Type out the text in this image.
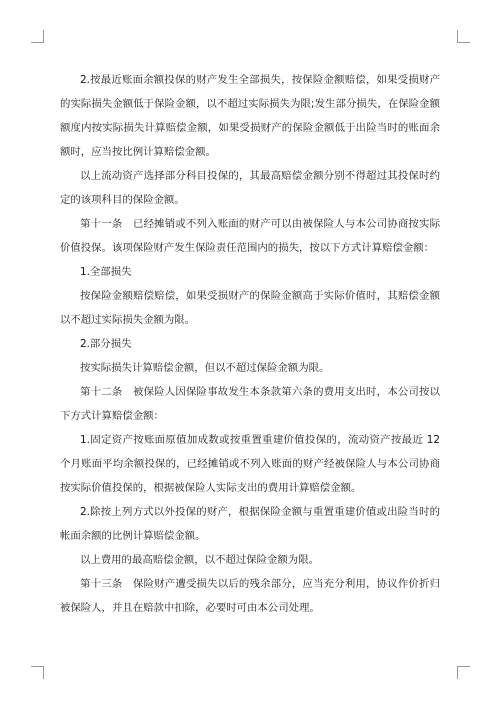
2.按最近账面余额投保的财产发生全部损失，按保险金额赔偿，如果受损财产的实际损失金额低于保险金额，以不超过实际损失为限;发生部分损失，在保险金额额度内按实际损失计算赔偿金额，如果受损财产的保险金额低于出险当时的账面余额时，应当按比例计算赔偿金额。

以上流动资产选择部分科目投保的，其最高赔偿金额分别不得超过其投保时约定的该项科目的保险金额。

第十一条　已经摊销或不列入账面的财产可以由被保险人与本公司协商按实际价值投保。该项保险财产发生保险责任范围内的损失，按以下方式计算赔偿金额：

1.全部损失

按保险金额赔偿赔偿，如果受损财产的保险金额高于实际价值时，其赔偿金额以不超过实际损失金额为限。

2.部分损失

按实际损失计算赔偿金额，但以不超过保险金额为限。

第十二条　被保险人因保险事故发生本条款第六条的费用支出时，本公司按以下方式计算赔偿金额：

1.固定资产按账面原值加成数或按重置重建价值投保的，流动资产按最近 12 个月账面平均余额投保的，已经摊销或不列入账面的财产经被保险人与本公司协商按实际价值投保的，根据被保险人实际支出的费用计算赔偿金额。

2.除按上列方式以外投保的财产，根据保险金额与重置重建价值或出险当时的帐面余额的比例计算赔偿金额。

以上费用的最高赔偿金额，以不超过保险金额为限。

第十三条　保险财产遭受损失以后的残余部分，应当充分利用，协议作价折归被保险人，并且在赔款中扣除，必要时可由本公司处理。
